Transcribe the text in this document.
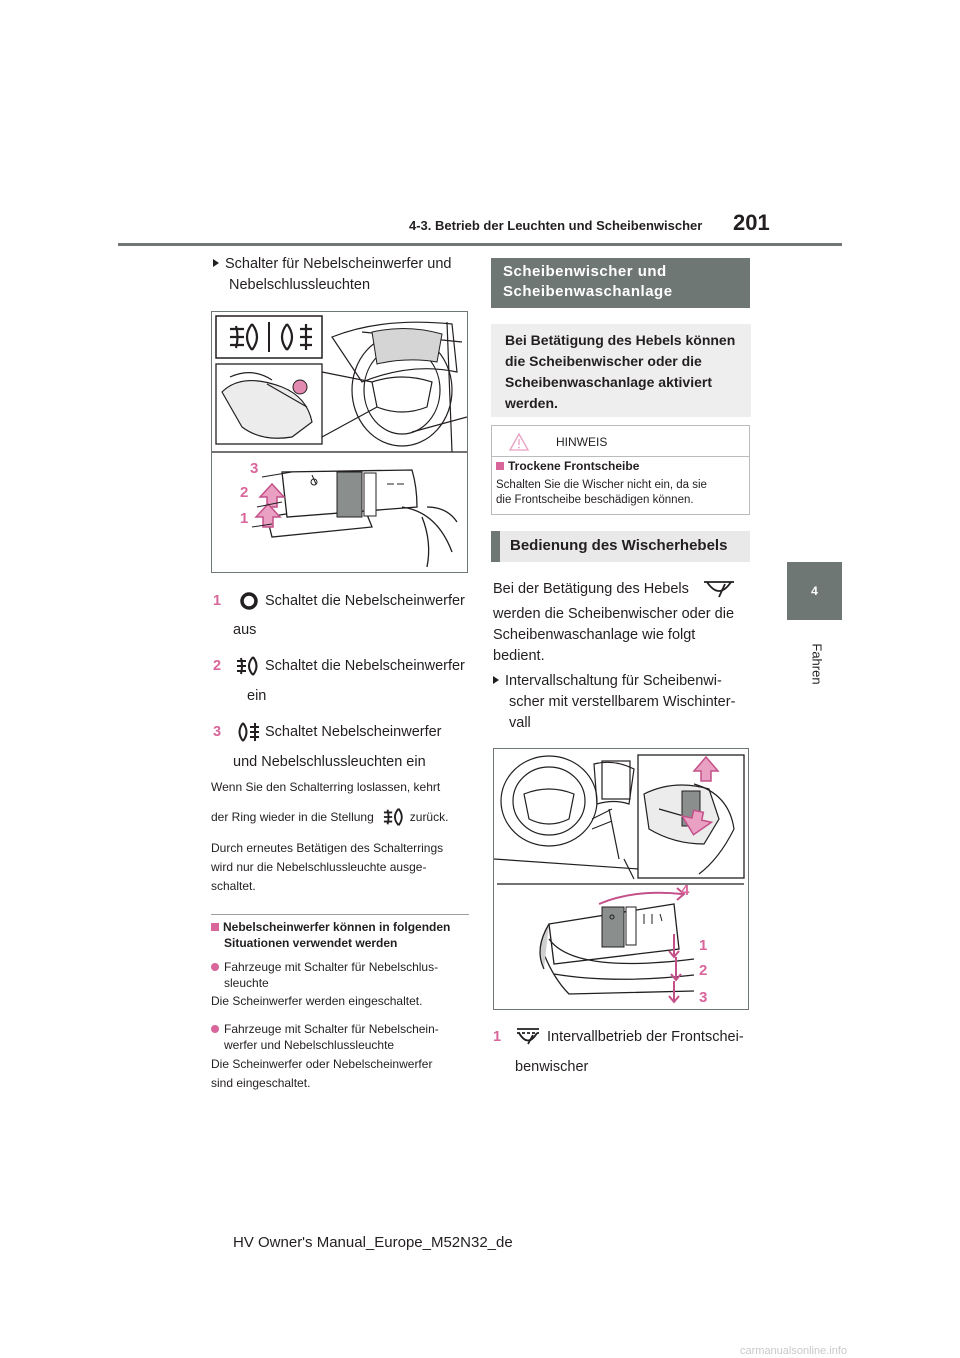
4-3. Betrieb der Leuchten und Scheibenwischer 201
4
Fahren
Schalter für Nebelscheinwerfer und
Nebelschlussleuchten
3
2
1
1	Schaltet die Nebelscheinwerfer
aus
2	Schaltet die Nebelscheinwerfer
ein
3	Schaltet Nebelscheinwerfer
und Nebelschlussleuchten ein
Wenn Sie den Schalterring loslassen, kehrt
der Ring wieder in die Stellung	zurück.
Durch erneutes Betätigen des Schalterrings
wird nur die Nebelschlussleuchte ausge-
schaltet.
Nebelscheinwerfer können in folgenden
Situationen verwendet werden
Fahrzeuge mit Schalter für Nebelschlus-
sleuchte
Die Scheinwerfer werden eingeschaltet.
Fahrzeuge mit Schalter für Nebelschein-
werfer und Nebelschlussleuchte
Die Scheinwerfer oder Nebelscheinwerfer
sind eingeschaltet.
Scheibenwischer und
Scheibenwaschanlage
Bei Betätigung des Hebels können
die Scheibenwischer oder die
Scheibenwaschanlage aktiviert
werden.
HINWEIS
Trockene Frontscheibe
Schalten Sie die Wischer nicht ein, da sie
die Frontscheibe beschädigen können.
Bedienung des Wischerhebels
Bei der Betätigung des Hebels
werden die Scheibenwischer oder die
Scheibenwaschanlage wie folgt
bedient.
Intervallschaltung für Scheibenwi-
scher mit verstellbarem Wischinter-
vall
4
1
2
3
1	Intervallbetrieb der Frontschei-
benwischer
HV Owner's Manual_Europe_M52N32_de
carmanualsonline.info
